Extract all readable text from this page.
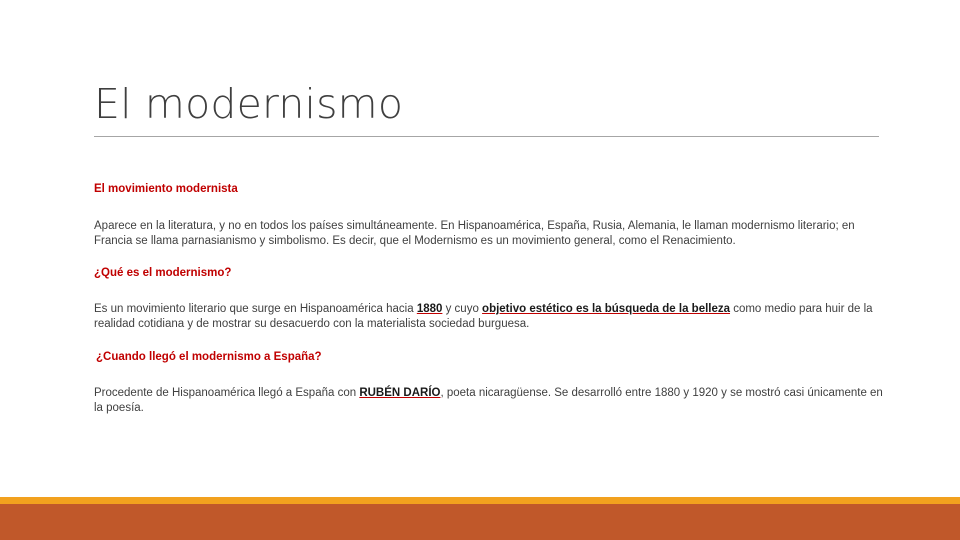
El modernismo

El movimiento modernista

Aparece en la literatura, y no en todos los países simultáneamente. En Hispanoamérica, España, Rusia, Alemania, le llaman modernismo literario; en Francia se llama parnasianismo y simbolismo. Es decir, que el Modernismo es un movimiento general, como el Renacimiento.

¿Qué es el modernismo?

Es un movimiento literario que surge en Hispanoamérica hacia 1880 y cuyo objetivo estético es la búsqueda de la belleza como medio para huir de la realidad cotidiana y de mostrar su desacuerdo con la materialista sociedad burguesa.

¿Cuando llegó el modernismo a España?

Procedente de Hispanoamérica llegó a España con RUBÉN DARÍO, poeta nicaragüense. Se desarrolló entre 1880 y 1920 y se mostró casi únicamente en la poesía.
